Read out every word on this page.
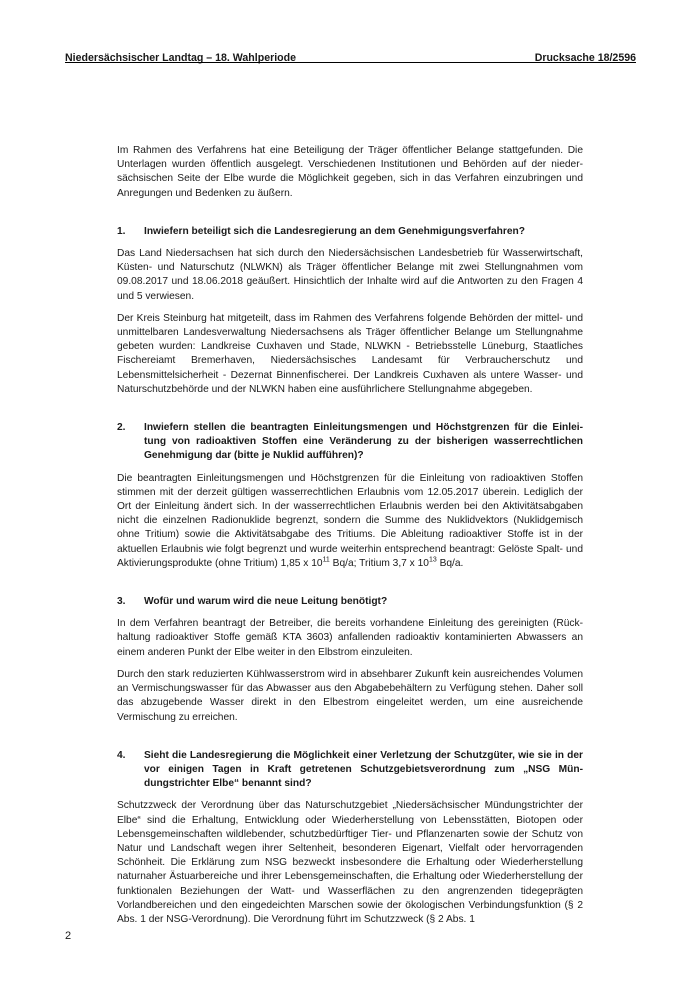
Niedersächsischer Landtag – 18. Wahlperiode	Drucksache 18/2596

Im Rahmen des Verfahrens hat eine Beteiligung der Träger öffentlicher Belange stattgefunden. Die Unterlagen wurden öffentlich ausgelegt. Verschiedenen Institutionen und Behörden auf der niedersächsischen Seite der Elbe wurde die Möglichkeit gegeben, sich in das Verfahren einzubringen und Anregungen und Bedenken zu äußern.

1.	Inwiefern beteiligt sich die Landesregierung an dem Genehmigungsverfahren?

Das Land Niedersachsen hat sich durch den Niedersächsischen Landesbetrieb für Wasserwirtschaft, Küsten- und Naturschutz (NLWKN) als Träger öffentlicher Belange mit zwei Stellungnahmen vom 09.08.2017 und 18.06.2018 geäußert. Hinsichtlich der Inhalte wird auf die Antworten zu den Fragen 4 und 5 verwiesen.

Der Kreis Steinburg hat mitgeteilt, dass im Rahmen des Verfahrens folgende Behörden der mittel- und unmittelbaren Landesverwaltung Niedersachsens als Träger öffentlicher Belange um Stellungnahme gebeten wurden: Landkreise Cuxhaven und Stade, NLWKN - Betriebsstelle Lüneburg, Staatliches Fischereiamt Bremerhaven, Niedersächsisches Landesamt für Verbraucherschutz und Lebensmittelsicherheit - Dezernat Binnenfischerei. Der Landkreis Cuxhaven als untere Wasser- und Naturschutzbehörde und der NLWKN haben eine ausführlichere Stellungnahme abgegeben.

2.	Inwiefern stellen die beantragten Einleitungsmengen und Höchstgrenzen für die Einleitung von radioaktiven Stoffen eine Veränderung zu der bisherigen wasserrechtlichen Genehmigung dar (bitte je Nuklid aufführen)?

Die beantragten Einleitungsmengen und Höchstgrenzen für die Einleitung von radioaktiven Stoffen stimmen mit der derzeit gültigen wasserrechtlichen Erlaubnis vom 12.05.2017 überein. Lediglich der Ort der Einleitung ändert sich. In der wasserrechtlichen Erlaubnis werden bei den Aktivitätsabgaben nicht die einzelnen Radionuklide begrenzt, sondern die Summe des Nuklidvektors (Nuklidgemisch ohne Tritium) sowie die Aktivitätsabgabe des Tritiums. Die Ableitung radioaktiver Stoffe ist in der aktuellen Erlaubnis wie folgt begrenzt und wurde weiterhin entsprechend beantragt: Gelöste Spalt- und Aktivierungsprodukte (ohne Tritium) 1,85 x $10^{11}$ Bq/a; Tritium 3,7 x $10^{13}$ Bq/a.

3.	Wofür und warum wird die neue Leitung benötigt?

In dem Verfahren beantragt der Betreiber, die bereits vorhandene Einleitung des gereinigten (Rückhaltung radioaktiver Stoffe gemäß KTA 3603) anfallenden radioaktiv kontaminierten Abwassers an einem anderen Punkt der Elbe weiter in den Elbstrom einzuleiten.

Durch den stark reduzierten Kühlwasserstrom wird in absehbarer Zukunft kein ausreichendes Volumen an Vermischungswasser für das Abwasser aus den Abgabebehältern zu Verfügung stehen. Daher soll das abzugebende Wasser direkt in den Elbestrom eingeleitet werden, um eine ausreichende Vermischung zu erreichen.

4.	Sieht die Landesregierung die Möglichkeit einer Verletzung der Schutzgüter, wie sie in der vor einigen Tagen in Kraft getretenen Schutzgebietsverordnung zum „NSG Mündungstrichter Elbe“ benannt sind?

Schutzzweck der Verordnung über das Naturschutzgebiet „Niedersächsischer Mündungstrichter der Elbe“ sind die Erhaltung, Entwicklung oder Wiederherstellung von Lebensstätten, Biotopen oder Lebensgemeinschaften wildlebender, schutzbedürftiger Tier- und Pflanzenarten sowie der Schutz von Natur und Landschaft wegen ihrer Seltenheit, besonderen Eigenart, Vielfalt oder hervorragenden Schönheit. Die Erklärung zum NSG bezweckt insbesondere die Erhaltung oder Wiederherstellung naturnaher Ästuarbereiche und ihrer Lebensgemeinschaften, die Erhaltung oder Wiederherstellung der funktionalen Beziehungen der Watt- und Wasserflächen zu den angrenzenden tidegeprägten Vorlandbereichen und den eingedeichten Marschen sowie der ökologischen Verbindungsfunktion (§ 2 Abs. 1 der NSG-Verordnung). Die Verordnung führt im Schutzzweck (§ 2 Abs. 1

2
